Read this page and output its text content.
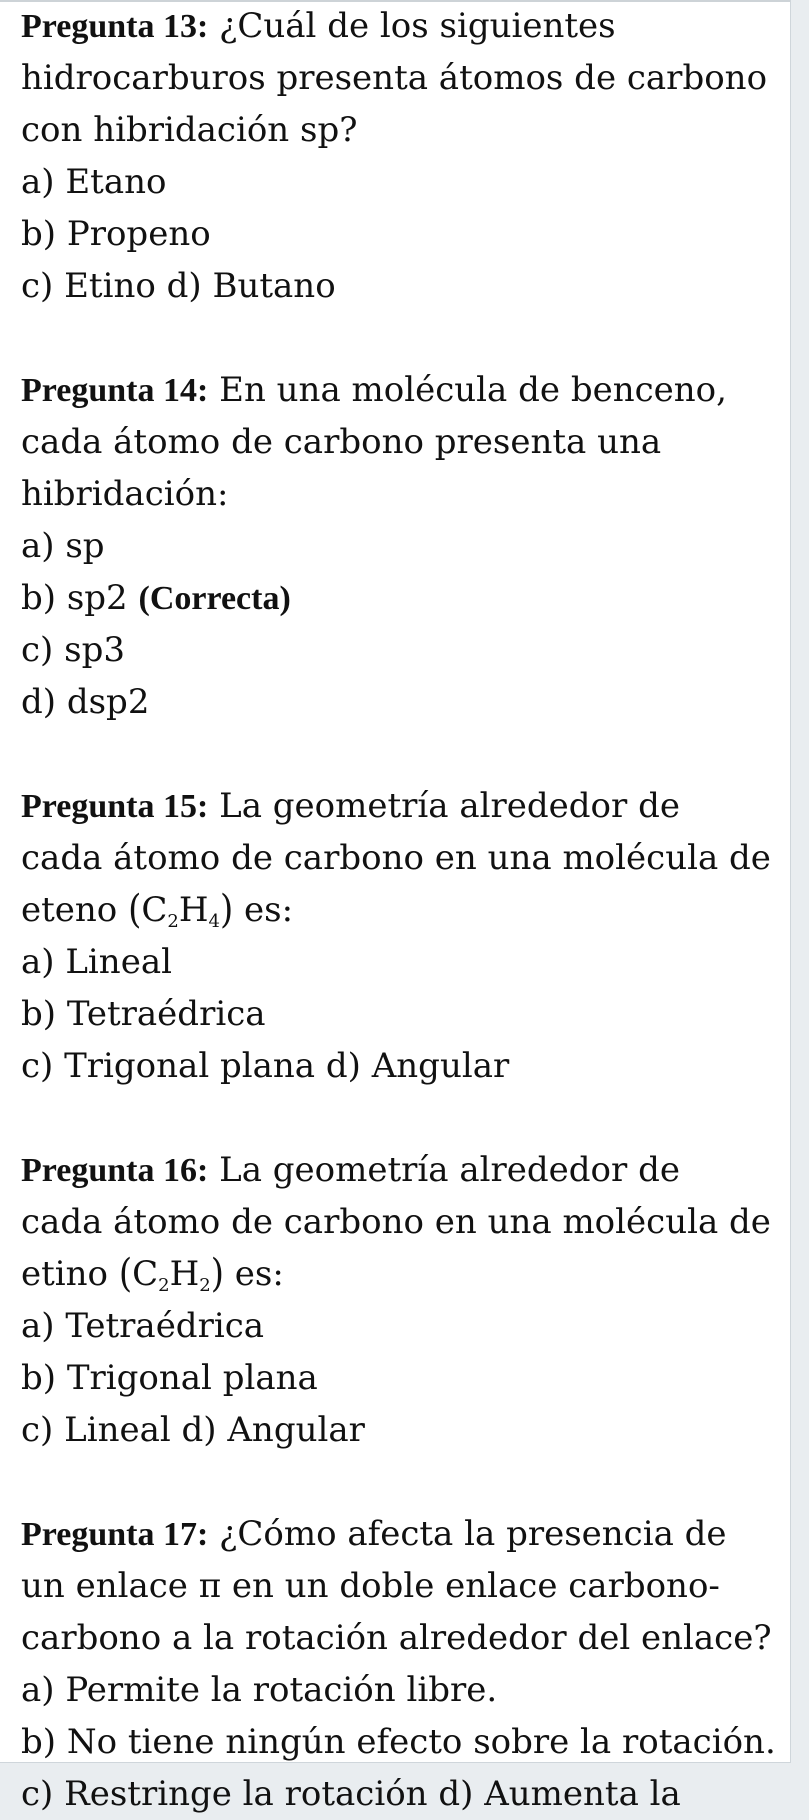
Pregunta 13: ¿Cuál de los siguientes
hidrocarburos presenta átomos de carbono
con hibridación sp?
a) Etano
b) Propeno
c) Etino d) Butano
Pregunta 14: En una molécula de benceno,
cada átomo de carbono presenta una
hibridación:
a) sp
b) sp2 (Correcta)
c) sp3
d) dsp2
Pregunta 15: La geometría alrededor de
cada átomo de carbono en una molécula de
eteno $(C_2H_4)$ es:
a) Lineal
b) Tetraédrica
c) Trigonal plana d) Angular
Pregunta 16: La geometría alrededor de
cada átomo de carbono en una molécula de
etino $(C_2H_2)$ es:
a) Tetraédrica
b) Trigonal plana
c) Lineal d) Angular
Pregunta 17: ¿Cómo afecta la presencia de
un enlace π en un doble enlace carbono-
carbono a la rotación alrededor del enlace?
a) Permite la rotación libre.
b) No tiene ningún efecto sobre la rotación.
c) Restringe la rotación d) Aumenta la
